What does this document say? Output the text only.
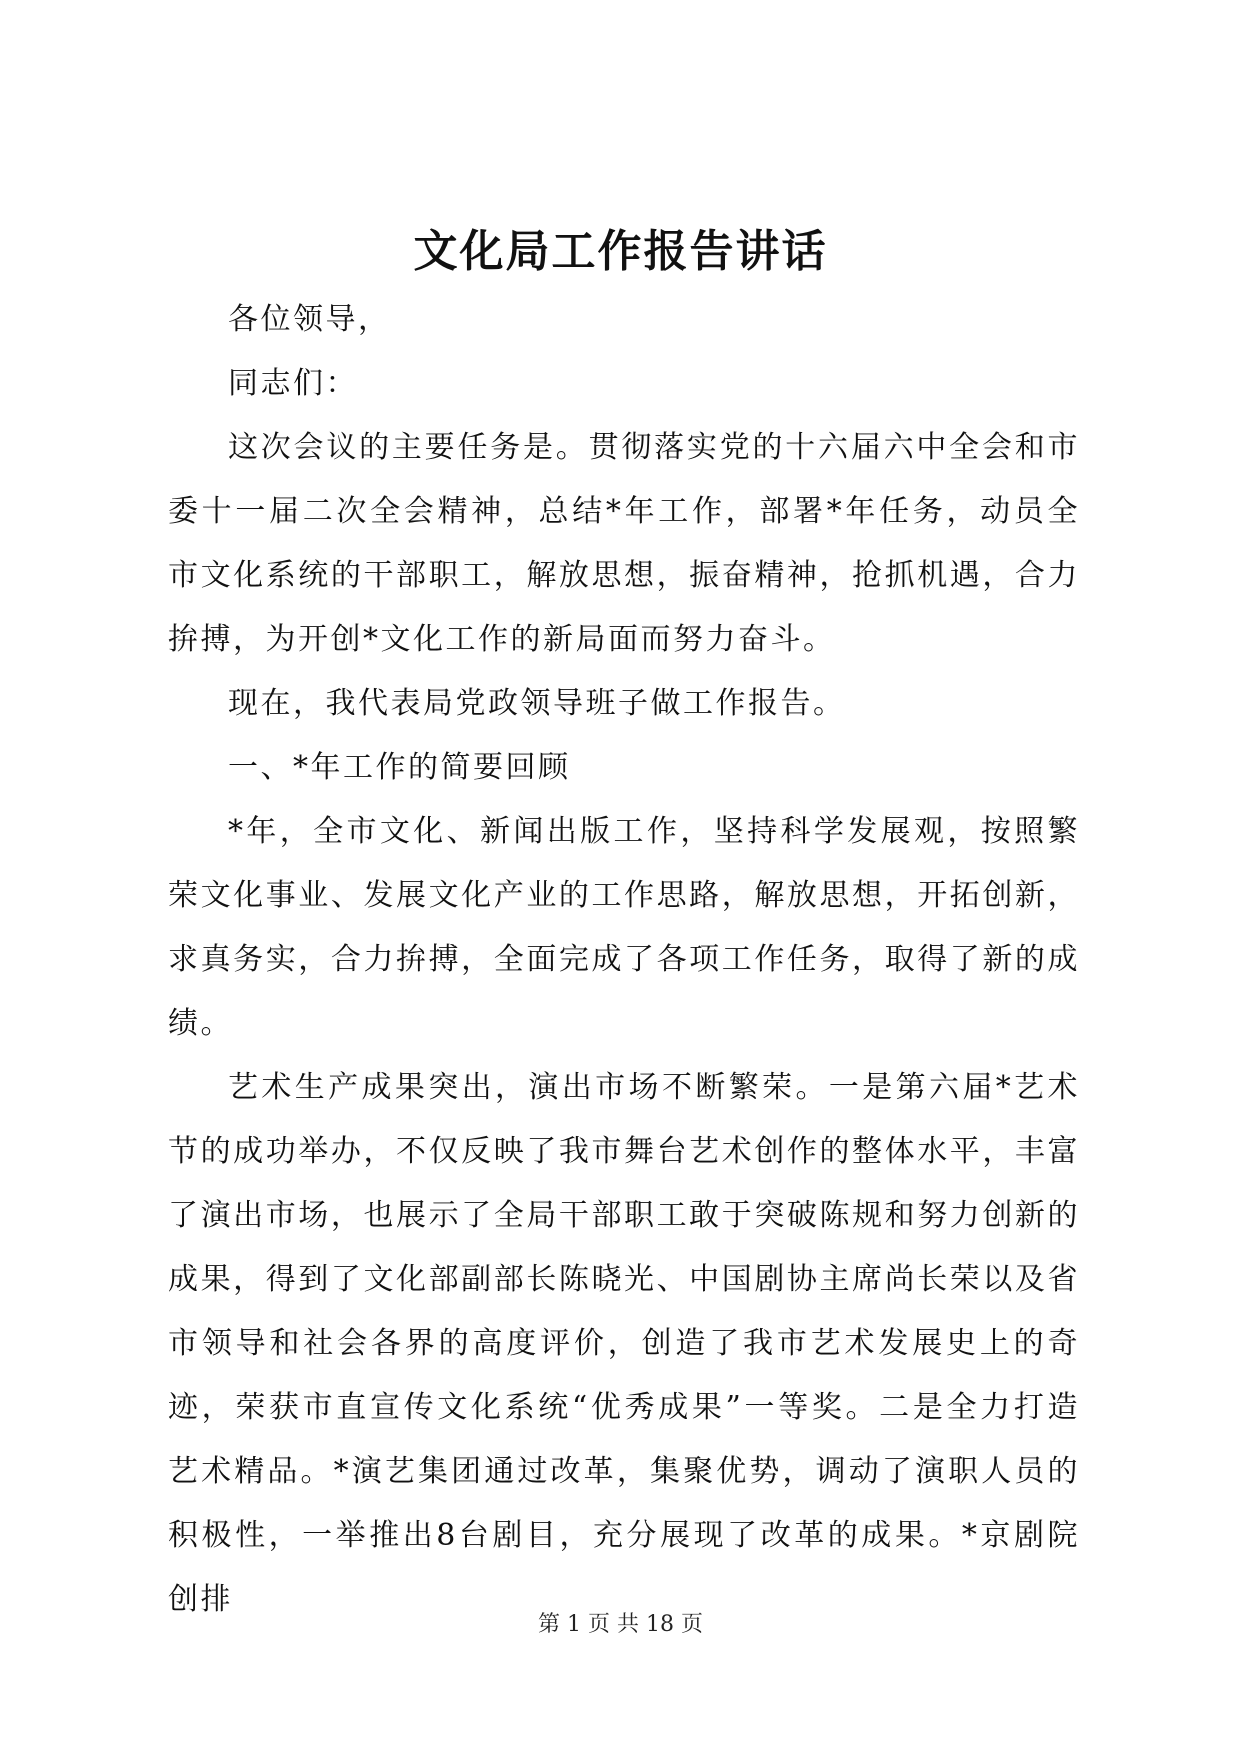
文化局工作报告讲话

各位领导，

同志们：

这次会议的主要任务是。贯彻落实党的十六届六中全会和市委十一届二次全会精神，总结*年工作，部署*年任务，动员全市文化系统的干部职工，解放思想，振奋精神，抢抓机遇，合力拚搏，为开创*文化工作的新局面而努力奋斗。

现在，我代表局党政领导班子做工作报告。

一、*年工作的简要回顾

*年，全市文化、新闻出版工作，坚持科学发展观，按照繁荣文化事业、发展文化产业的工作思路，解放思想，开拓创新，求真务实，合力拚搏，全面完成了各项工作任务，取得了新的成绩。

艺术生产成果突出，演出市场不断繁荣。一是第六届*艺术节的成功举办，不仅反映了我市舞台艺术创作的整体水平，丰富了演出市场，也展示了全局干部职工敢于突破陈规和努力创新的成果，得到了文化部副部长陈晓光、中国剧协主席尚长荣以及省市领导和社会各界的高度评价，创造了我市艺术发展史上的奇迹，荣获市直宣传文化系统“优秀成果”一等奖。二是全力打造艺术精品。*演艺集团通过改革，集聚优势，调动了演职人员的积极性，一举推出8台剧目，充分展现了改革的成果。*京剧院创排

第 1 页 共 18 页
